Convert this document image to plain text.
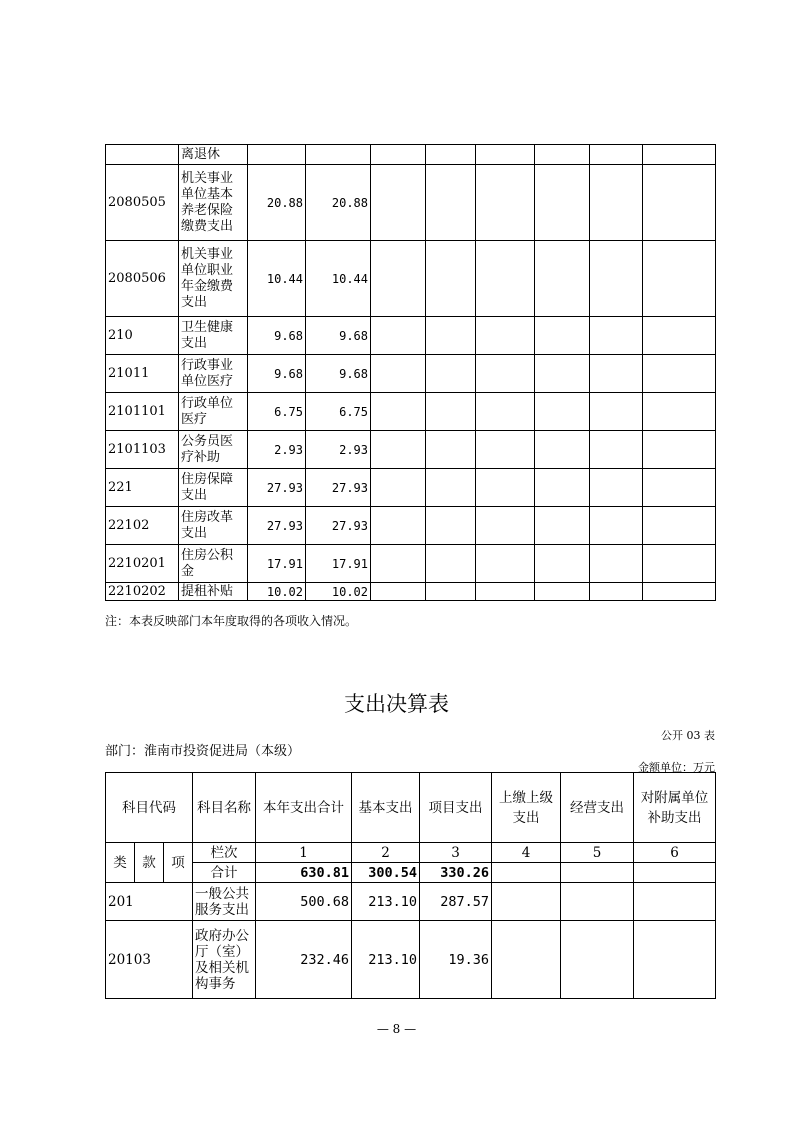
	离退休								
2080505	机关事业单位基本养老保险缴费支出	20.88	20.88						
2080506	机关事业单位职业年金缴费支出	10.44	10.44						
210	卫生健康支出	9.68	9.68						
21011	行政事业单位医疗	9.68	9.68						
2101101	行政单位医疗	6.75	6.75						
2101103	公务员医疗补助	2.93	2.93						
221	住房保障支出	27.93	27.93						
22102	住房改革支出	27.93	27.93						
2210201	住房公积金	17.91	17.91						
2210202	提租补贴	10.02	10.02						
注：本表反映部门本年度取得的各项收入情况。
支出决算表
公开 03 表
部门：淮南市投资促进局（本级）
金额单位：万元
科目代码			科目名称	本年支出合计	基本支出	项目支出	上缴上级支出	经营支出	对附属单位补助支出
类	款	项	栏次	1	2	3	4	5	6
			合计	630.81	300.54	330.26			
201			一般公共服务支出	500.68	213.10	287.57			
20103			政府办公厅（室）及相关机构事务	232.46	213.10	19.36			
— 8 —
